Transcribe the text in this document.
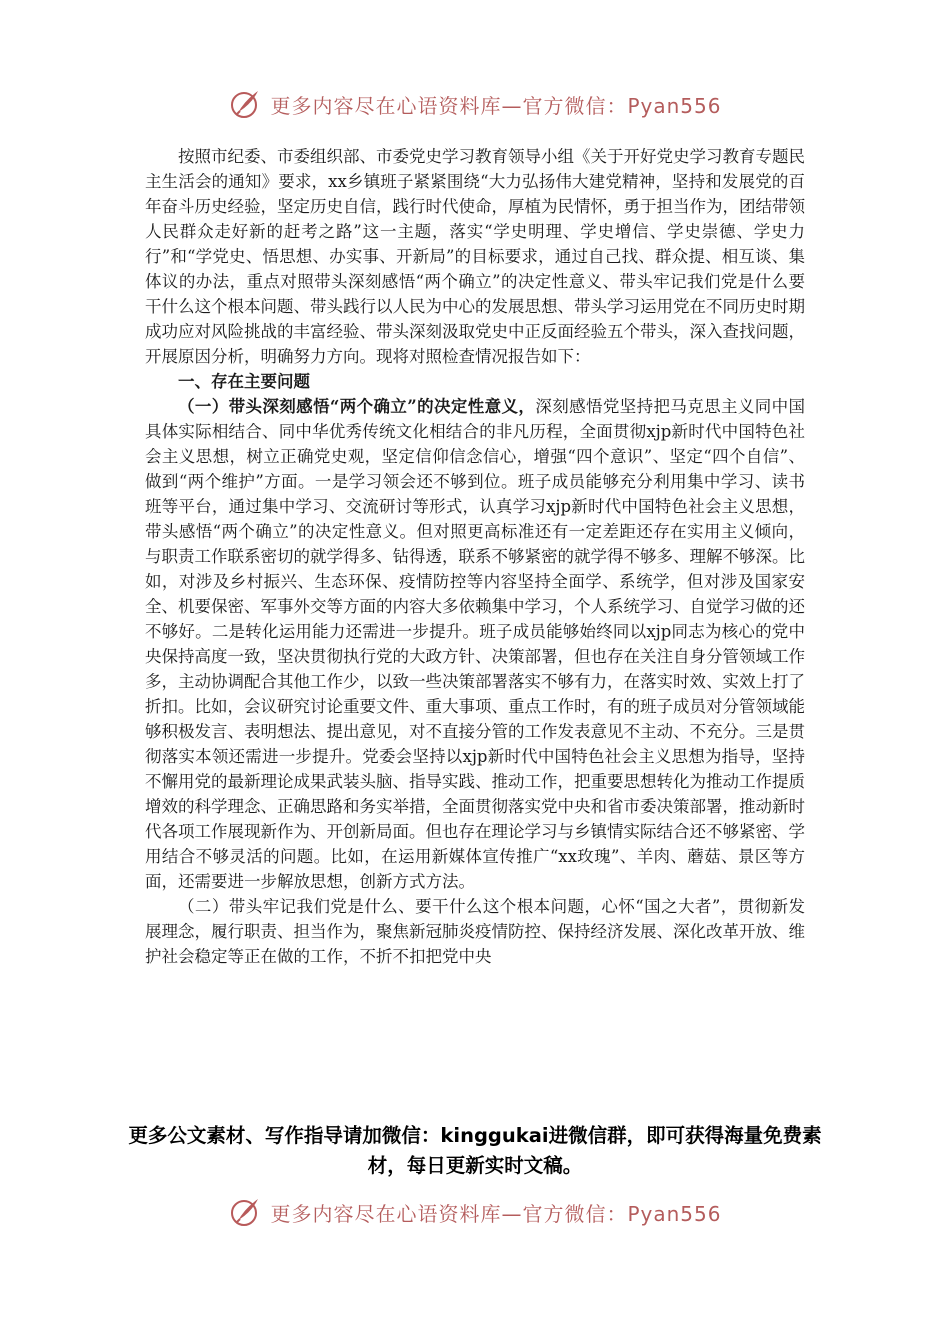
更多内容尽在心语资料库—官方微信：Pyan556

按照市纪委、市委组织部、市委党史学习教育领导小组《关于开好党史学习教育专题民主生活会的通知》要求，xx乡镇班子紧紧围绕“大力弘扬伟大建党精神，坚持和发展党的百年奋斗历史经验，坚定历史自信，践行时代使命，厚植为民情怀，勇于担当作为，团结带领人民群众走好新的赶考之路”这一主题，落实“学史明理、学史增信、学史崇德、学史力行”和“学党史、悟思想、办实事、开新局”的目标要求，通过自己找、群众提、相互谈、集体议的办法，重点对照带头深刻感悟“两个确立”的决定性意义、带头牢记我们党是什么要干什么这个根本问题、带头践行以人民为中心的发展思想、带头学习运用党在不同历史时期成功应对风险挑战的丰富经验、带头深刻汲取党史中正反面经验五个带头，深入查找问题，开展原因分析，明确努力方向。现将对照检查情况报告如下：

一、存在主要问题

（一）带头深刻感悟“两个确立”的决定性意义，深刻感悟党坚持把马克思主义同中国具体实际相结合、同中华优秀传统文化相结合的非凡历程，全面贯彻xjp新时代中国特色社会主义思想，树立正确党史观，坚定信仰信念信心，增强“四个意识”、坚定“四个自信”、做到“两个维护”方面。一是学习领会还不够到位。班子成员能够充分利用集中学习、读书班等平台，通过集中学习、交流研讨等形式，认真学习xjp新时代中国特色社会主义思想，带头感悟“两个确立”的决定性意义。但对照更高标准还有一定差距还存在实用主义倾向，与职责工作联系密切的就学得多、钻得透，联系不够紧密的就学得不够多、理解不够深。比如，对涉及乡村振兴、生态环保、疫情防控等内容坚持全面学、系统学，但对涉及国家安全、机要保密、军事外交等方面的内容大多依赖集中学习，个人系统学习、自觉学习做的还不够好。二是转化运用能力还需进一步提升。班子成员能够始终同以xjp同志为核心的党中央保持高度一致，坚决贯彻执行党的大政方针、决策部署，但也存在关注自身分管领域工作多，主动协调配合其他工作少，以致一些决策部署落实不够有力，在落实时效、实效上打了折扣。比如，会议研究讨论重要文件、重大事项、重点工作时，有的班子成员对分管领域能够积极发言、表明想法、提出意见，对不直接分管的工作发表意见不主动、不充分。三是贯彻落实本领还需进一步提升。党委会坚持以xjp新时代中国特色社会主义思想为指导，坚持不懈用党的最新理论成果武装头脑、指导实践、推动工作，把重要思想转化为推动工作提质增效的科学理念、正确思路和务实举措，全面贯彻落实党中央和省市委决策部署，推动新时代各项工作展现新作为、开创新局面。但也存在理论学习与乡镇情实际结合还不够紧密、学用结合不够灵活的问题。比如，在运用新媒体宣传推广“xx玫瑰”、羊肉、蘑菇、景区等方面，还需要进一步解放思想，创新方式方法。

（二）带头牢记我们党是什么、要干什么这个根本问题，心怀“国之大者”，贯彻新发展理念，履行职责、担当作为，聚焦新冠肺炎疫情防控、保持经济发展、深化改革开放、维护社会稳定等正在做的工作，不折不扣把党中央

更多公文素材、写作指导请加微信：kinggukai进微信群，即可获得海量免费素材，每日更新实时文稿。
更多内容尽在心语资料库—官方微信：Pyan556
